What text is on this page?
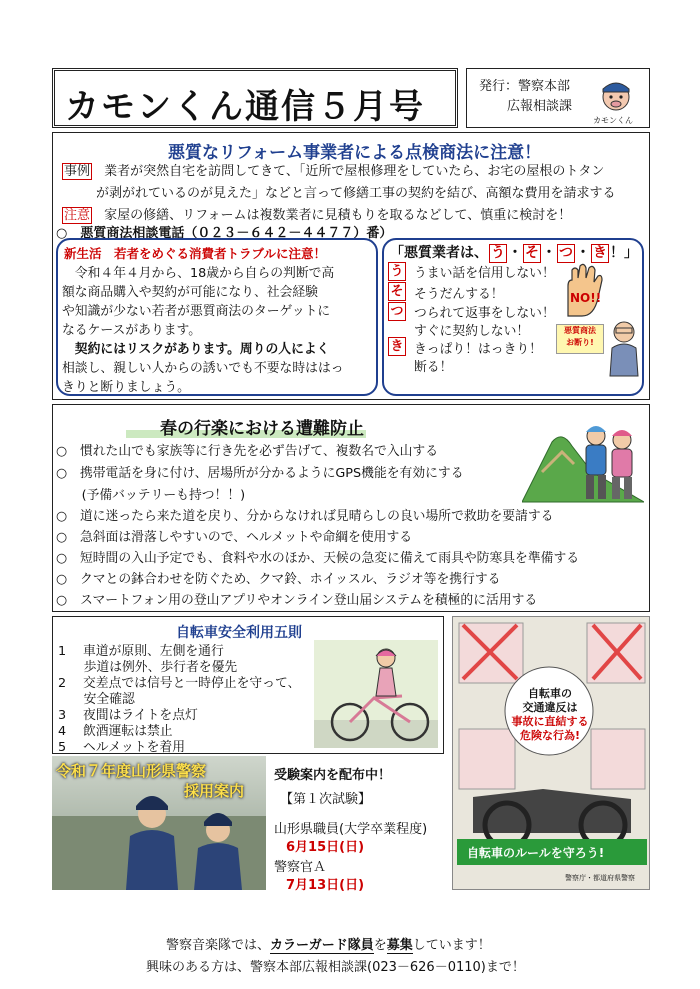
カモンくん通信５月号
発行：警察本部
広報相談課
カモンくん
悪質なリフォーム事業者による点検商法に注意！
事例 業者が突然自宅を訪問してきて、「近所で屋根修理をしていたら、お宅の屋根のトタン
が剥がれているのが見えた」などと言って修繕工事の契約を結び、高額な費用を請求する
注意 家屋の修繕、リフォームは複数業者に見積もりを取るなどして、慎重に検討を！
○　悪質商法相談電話（０２３－６４２－４４７７）番）
新生活　若者をめぐる消費者トラブルに注意！
　令和４年４月から、18歳から自らの判断で高
額な商品購入や契約が可能になり、社会経験
や知識が少ない若者が悪質商法のターゲットに
なるケースがあります。
　契約にはリスクがあります。周りの人によく
相談し、親しい人からの誘いでも不要な時ははっ
きりと断りましょう。
「悪質業者は、 う ・ そ ・ つ ・ き ！」
う
そ
つ
き
うまい話を信用しない！
そうだんする！
つられて返事をしない！
すぐに契約しない！
きっぱり！はっきり！
断る！
NO!!
悪質商法
お断り!
春の行楽における遭難防止
○　慣れた山でも家族等に行き先を必ず告げて、複数名で入山する
○　携帯電話を身に付け、居場所が分かるようにGPS機能を有効にする
　　(予備バッテリーも持つ！！)
○　道に迷ったら来た道を戻り、分からなければ見晴らしの良い場所で救助を要請する
○　急斜面は滑落しやすいので、ヘルメットや命綱を使用する
○　短時間の入山予定でも、食料や水のほか、天候の急変に備えて雨具や防寒具を準備する
○　クマとの鉢合わせを防ぐため、クマ鈴、ホイッスル、ラジオ等を携行する
○　スマートフォン用の登山アプリやオンライン登山届システムを積極的に活用する
自転車安全利用五則
1　 車道が原則、左側を通行
　　歩道は例外、歩行者を優先
2　 交差点では信号と一時停止を守って、
　　安全確認
3　 夜間はライトを点灯
4　 飲酒運転は禁止
5　 ヘルメットを着用
令和７年度山形県警察
採用案内
受験案内を配布中！
【第１次試験】
山形県職員(大学卒業程度)
6月15日(日)
警察官Ａ
7月13日(日)
自転車の
交通違反は
事故に直結する
危険な行為!
自転車のルールを守ろう!
警察庁・都道府県警察
警察音楽隊では、カラーガード隊員を募集しています！
興味のある方は、警察本部広報相談課(023－626－0110)まで！
